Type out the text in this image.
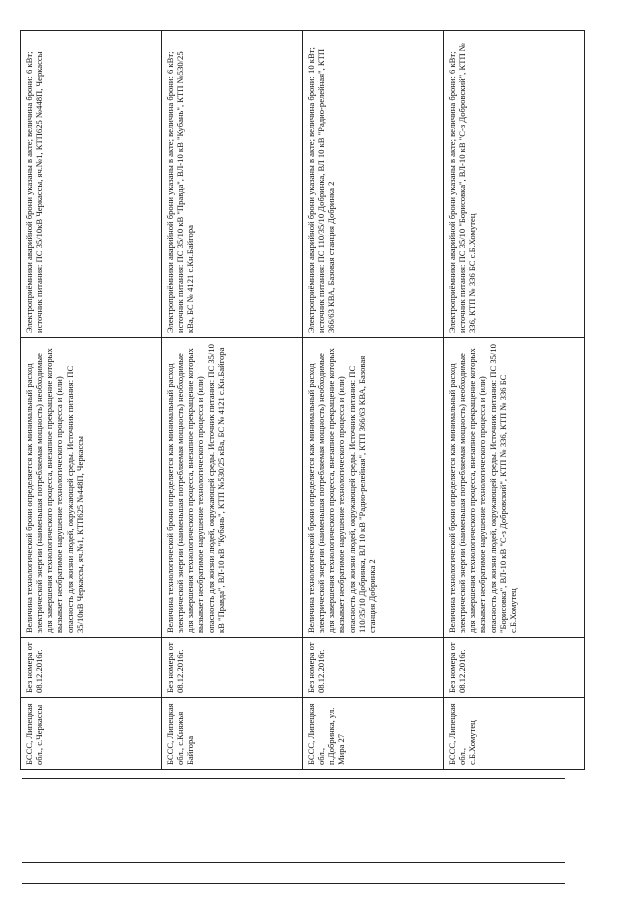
БССС, Липецкая обл., с.Черкассы	Без номера от 08.12.2016г.	Величина технологической брони определяется как минимальный расход электрической энергии (наименьшая потребляемая мощность) необходимые для завершения технологического процесса, внезапное прекращение которых вызывает необратимое нарушение технологического процесса и (или) опасность для жизни людей, окружающей среды. Источник питания: ПС 35/10кВ Черкассы, яч.№1, КТП625 №448П, Черкассы	Электроприёмники аварийной брони указаны в акте; величина брони: 6 кВт; источник питания: ПС 35/10кВ Черкассы, яч.№1, КТП625 №448П, Черкассы
БССС, Липецкая обл., с.Княжья Байгора	Без номера от 08.12.2016г.	Величина технологической брони определяется как минимальный расход электрической энергии (наименьшая потребляемая мощность) необходимые для завершения технологического процесса, внезапное прекращение которых вызывает необратимое нарушение технологического процесса и (или) опасность для жизни людей, окружающей среды. Источник питания: ПС 35/10 кВ "Правда", ВЛ-10 кВ "Кубань", КТП №530/25 кВа, БС № 4121 с.Кн.Байгора	Электроприёмники аварийной брони указаны в акте; величина брони: 6 кВт; источник питания: ПС 35/10 кВ "Правда", ВЛ-10 кВ "Кубань", КТП №530/25 кВа, БС № 4121 с.Кн.Байгора
БССС, Липецкая обл., п.Добринка, ул. Мира 27	Без номера от 08.12.2016г.	Величина технологической брони определяется как минимальный расход электрической энергии (наименьшая потребляемая мощность) необходимые для завершения технологического процесса, внезапное прекращение которых вызывает необратимое нарушение технологического процесса и (или) опасность для жизни людей, окружающей среды. Источник питания: ПС 110/35/10 Добринка, ВЛ 10 кВ "Радио-релейная", КТП 366/63 КВА, Базовая станция Добринка 2	Электроприёмники аварийной брони указаны в акте; величина брони: 10 кВт; источник питания: ПС 110/35/10 Добринка, ВЛ 10 кВ "Радио-релейная", КТП 366/63 КВА, Базовая станция Добринка 2
БССС, Липецкая обл., с.Б.Хомутец	Без номера от 08.12.2016г.	Величина технологической брони определяется как минимальный расход электрической энергии (наименьшая потребляемая мощность) необходимые для завершения технологического процесса, внезапное прекращение которых вызывает необратимое нарушение технологического процесса и (или) опасность для жизни людей, окружающей среды. Источник питания: ПС 35/10 "Борисовка", ВЛ-10 кВ "С-з Добровский", КТП № 336, КТП № 336 БС с.Б.Хомутец	Электроприёмники аварийной брони указаны в акте; величина брони: 6 кВт; источник питания: ПС 35/10 "Борисовка", ВЛ-10 кВ "С-з Добровский", КТП № 336, КТП № 336 БС с.Б.Хомутец
